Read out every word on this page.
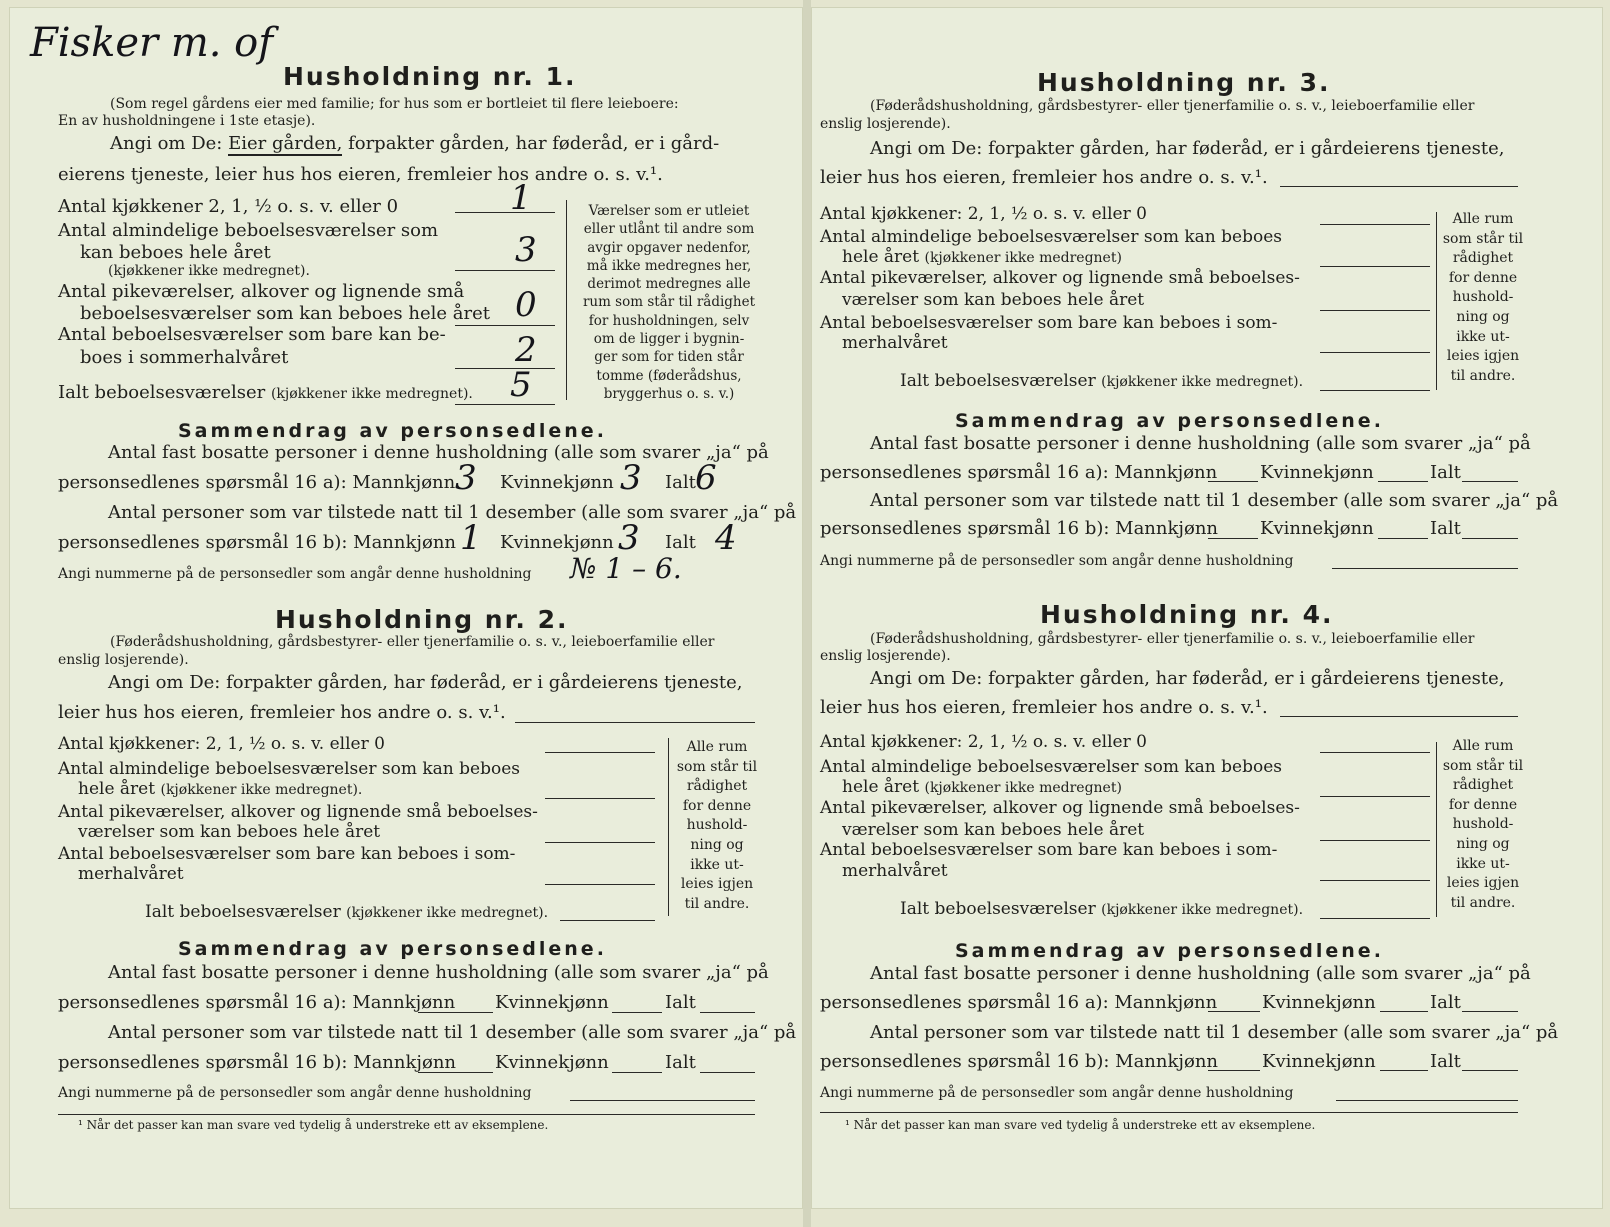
Fisker m. of
Husholdning nr. 1.
(Som regel gårdens eier med familie; for hus som er bortleiet til flere leieboere:
En av husholdningene i 1ste etasje).
Angi om De: Eier gården, forpakter gården, har føderåd, er i gård-
eierens tjeneste, leier hus hos eieren, fremleier hos andre o. s. v.¹.
Antal kjøkkener 2, 1, ½ o. s. v. eller 0	1
Antal almindelige beboelsesværelser som
kan beboes hele året
(kjøkkener ikke medregnet).
3
Antal pikeværelser, alkover og lignende små
beboelsesværelser som kan beboes hele året 0
Antal beboelsesværelser som bare kan be-
boes i sommerhalvåret	2
Ialt beboelsesværelser (kjøkkener ikke medregnet). 5
Værelser som er utleiet
eller utlånt til andre som
avgir opgaver nedenfor,
må ikke medregnes her,
derimot medregnes alle
rum som står til rådighet
for husholdningen, selv
om de ligger i bygnin-
ger som for tiden står
tomme (føderådshus,
bryggerhus o. s. v.)
Sammendrag av personsedlene.
Antal fast bosatte personer i denne husholdning (alle som svarer „ja“ på
personsedlenes spørsmål 16 a): Mannkjønn 3 Kvinnekjønn 3 Ialt 6
Antal personer som var tilstede natt til 1 desember (alle som svarer „ja“ på
personsedlenes spørsmål 16 b): Mannkjønn 1 Kvinnekjønn 3 Ialt 4
Angi nummerne på de personsedler som angår denne husholdning № 1 – 6.
Husholdning nr. 2.
(Føderådshusholdning, gårdsbestyrer- eller tjenerfamilie o. s. v., leieboerfamilie eller
enslig losjerende).
Angi om De: forpakter gården, har føderåd, er i gårdeierens tjeneste,
leier hus hos eieren, fremleier hos andre o. s. v.¹.
Antal kjøkkener: 2, 1, ½ o. s. v. eller 0
Antal almindelige beboelsesværelser som kan beboes
hele året (kjøkkener ikke medregnet).
Antal pikeværelser, alkover og lignende små beboelses-
værelser som kan beboes hele året
Antal beboelsesværelser som bare kan beboes i som-
merhalvåret
Ialt beboelsesværelser (kjøkkener ikke medregnet).
Alle rum
som står til
rådighet
for denne
hushold-
ning og
ikke ut-
leies igjen
til andre.
Sammendrag av personsedlene.
Antal fast bosatte personer i denne husholdning (alle som svarer „ja“ på
personsedlenes spørsmål 16 a): Mannkjønn Kvinnekjønn	Ialt
Antal personer som var tilstede natt til 1 desember (alle som svarer „ja“ på
personsedlenes spørsmål 16 b): Mannkjønn Kvinnekjønn	Ialt
Angi nummerne på de personsedler som angår denne husholdning
¹ Når det passer kan man svare ved tydelig å understreke ett av eksemplene.
Husholdning nr. 3.
(Føderådshusholdning, gårdsbestyrer- eller tjenerfamilie o. s. v., leieboerfamilie eller
enslig losjerende).
Angi om De: forpakter gården, har føderåd, er i gårdeierens tjeneste,
leier hus hos eieren, fremleier hos andre o. s. v.¹.
Antal kjøkkener: 2, 1, ½ o. s. v. eller 0
Antal almindelige beboelsesværelser som kan beboes
hele året (kjøkkener ikke medregnet)
Antal pikeværelser, alkover og lignende små beboelses-
værelser som kan beboes hele året
Antal beboelsesværelser som bare kan beboes i som-
merhalvåret
Ialt beboelsesværelser (kjøkkener ikke medregnet).
Alle rum
som står til
rådighet
for denne
hushold-
ning og
ikke ut-
leies igjen
til andre.
Sammendrag av personsedlene.
Antal fast bosatte personer i denne husholdning (alle som svarer „ja“ på
personsedlenes spørsmål 16 a): Mannkjønn Kvinnekjønn	Ialt
Antal personer som var tilstede natt til 1 desember (alle som svarer „ja“ på
personsedlenes spørsmål 16 b): Mannkjønn Kvinnekjønn	Ialt
Angi nummerne på de personsedler som angår denne husholdning
Husholdning nr. 4.
(Føderådshusholdning, gårdsbestyrer- eller tjenerfamilie o. s. v., leieboerfamilie eller
enslig losjerende).
Angi om De: forpakter gården, har føderåd, er i gårdeierens tjeneste,
leier hus hos eieren, fremleier hos andre o. s. v.¹.
Antal kjøkkener: 2, 1, ½ o. s. v. eller 0
Antal almindelige beboelsesværelser som kan beboes
hele året (kjøkkener ikke medregnet)
Antal pikeværelser, alkover og lignende små beboelses-
værelser som kan beboes hele året
Antal beboelsesværelser som bare kan beboes i som-
merhalvåret
Ialt beboelsesværelser (kjøkkener ikke medregnet).
Alle rum
som står til
rådighet
for denne
hushold-
ning og
ikke ut-
leies igjen
til andre.
Sammendrag av personsedlene.
Antal fast bosatte personer i denne husholdning (alle som svarer „ja“ på
personsedlenes spørsmål 16 a): Mannkjønn Kvinnekjønn	Ialt
Antal personer som var tilstede natt til 1 desember (alle som svarer „ja“ på
personsedlenes spørsmål 16 b): Mannkjønn Kvinnekjønn	Ialt
Angi nummerne på de personsedler som angår denne husholdning
¹ Når det passer kan man svare ved tydelig å understreke ett av eksemplene.
